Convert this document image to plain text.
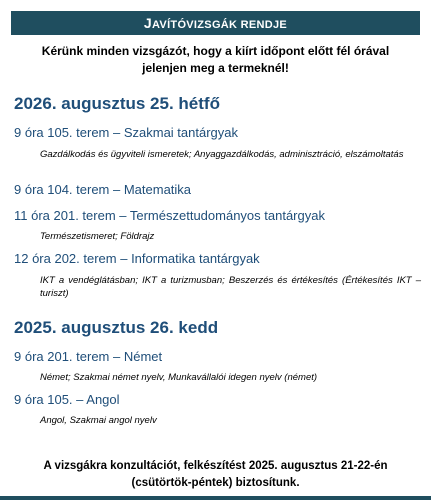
JAVÍTÓVIZSGÁK RENDJE
Kérünk minden vizsgázót, hogy a kiírt időpont előtt fél órával jelenjen meg a termeknél!
2026. augusztus 25. hétfő
9 óra 105. terem – Szakmai tantárgyak
Gazdálkodás és ügyviteli ismeretek; Anyaggazdálkodás, adminisztráció, elszámoltatás
9 óra 104. terem – Matematika
11 óra 201. terem – Természettudományos tantárgyak
Természetismeret; Földrajz
12 óra 202. terem – Informatika tantárgyak
IKT a vendéglátásban; IKT a turizmusban; Beszerzés és értékesítés (Értékesítés IKT – turiszt)
2025. augusztus 26. kedd
9 óra 201. terem – Német
Német; Szakmai német nyelv, Munkavállalói idegen nyelv (német)
9 óra 105. – Angol
Angol, Szakmai angol nyelv
A vizsgákra konzultációt, felkészítést 2025. augusztus 21-22-én (csütörtök-péntek) biztosítunk.
